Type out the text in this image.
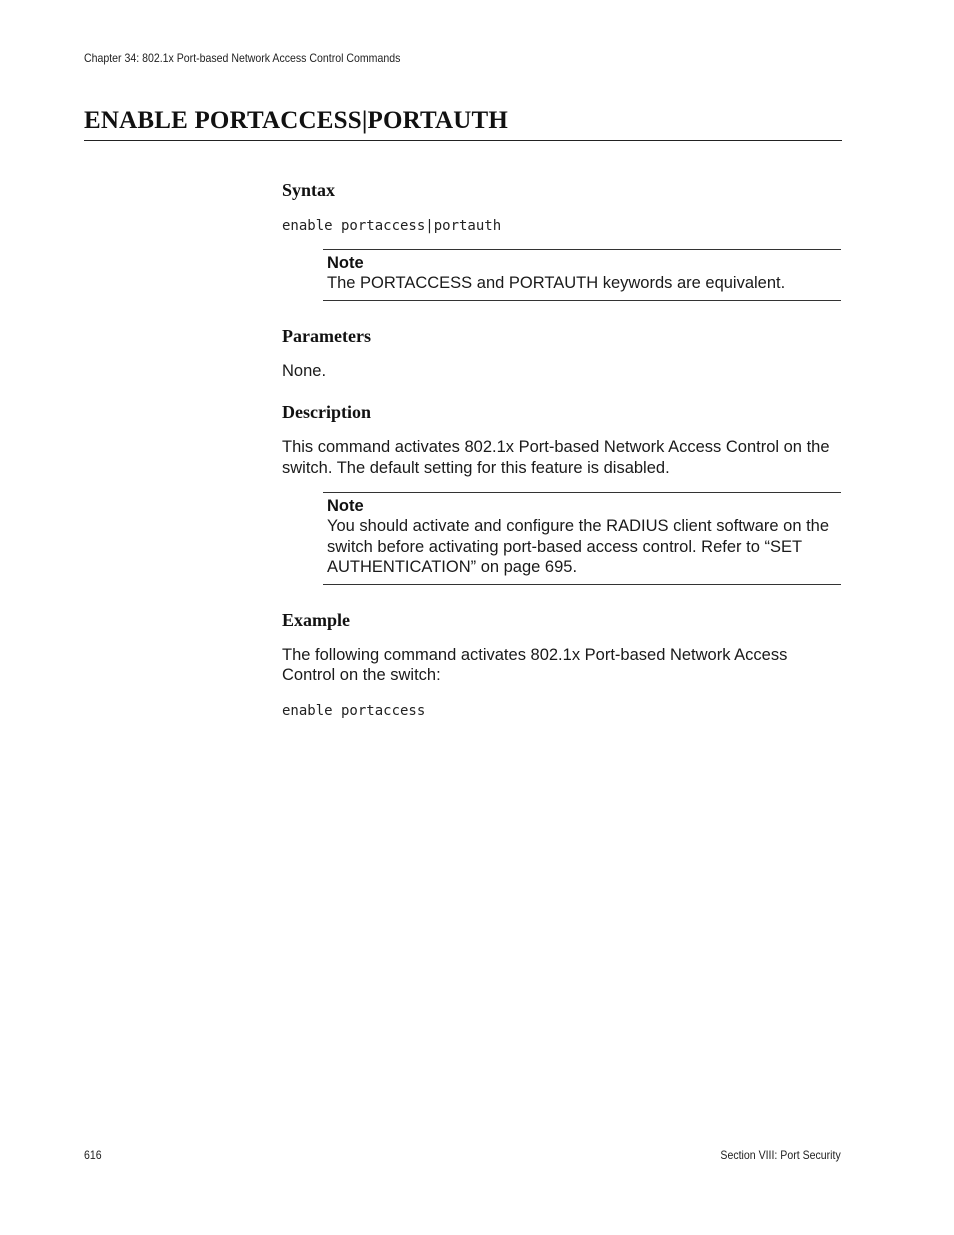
Chapter 34: 802.1x Port-based Network Access Control Commands
ENABLE PORTACCESS|PORTAUTH
Syntax

enable portaccess|portauth

Note

The PORTACCESS and PORTAUTH keywords are equivalent.

Parameters

None.

Description

This command activates 802.1x Port-based Network Access Control on the switch. The default setting for this feature is disabled.

Note

You should activate and configure the RADIUS client software on the switch before activating port-based access control. Refer to “SET AUTHENTICATION” on page 695.

Example

The following command activates 802.1x Port-based Network Access Control on the switch:

enable portaccess

616	Section VIII: Port Security
